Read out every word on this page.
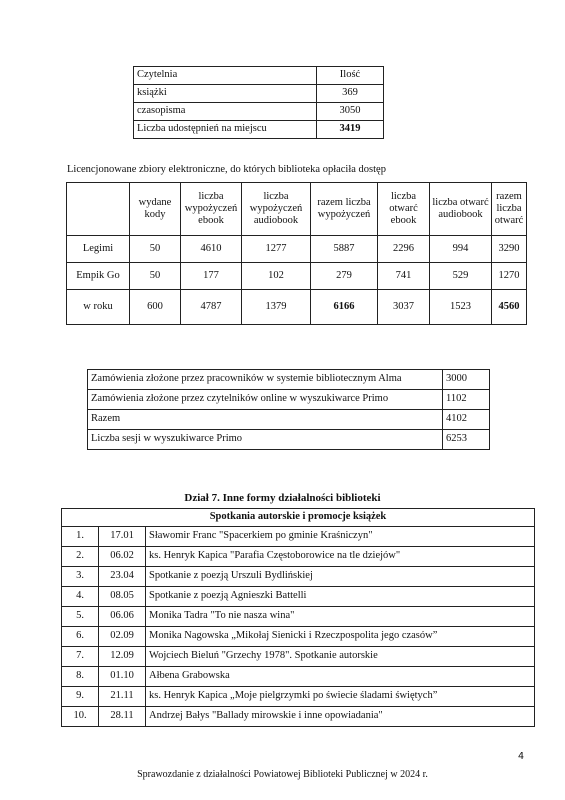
Czytelnia	Ilość
książki	369
czasopisma	3050
Liczba udostępnień na miejscu	3419
Licencjonowane zbiory elektroniczne, do których biblioteka opłaciła dostęp
	wydane kody	liczba wypożyczeń ebook	liczba wypożyczeń audiobook	razem liczba wypożyczeń	liczba otwarć ebook	liczba otwarć audiobook	razem liczba otwarć
Legimi	50	4610	1277	5887	2296	994	3290
Empik Go	50	177	102	279	741	529	1270
w roku	600	4787	1379	6166	3037	1523	4560
Zamówienia złożone przez pracowników w systemie bibliotecznym Alma	3000
Zamówienia złożone przez czytelników online w wyszukiwarce Primo	1102
Razem	4102
Liczba sesji w wyszukiwarce Primo	6253
Dział 7. Inne formy działalności biblioteki
Spotkania autorskie i promocje książek		
1.	17.01	Sławomir Franc "Spacerkiem po gminie Kraśniczyn"
2.	06.02	ks. Henryk Kapica "Parafia Częstoborowice na tle dziejów"
3.	23.04	Spotkanie z poezją Urszuli Bydlińskiej
4.	08.05	Spotkanie z poezją Agnieszki Battelli
5.	06.06	Monika Tadra "To nie nasza wina"
6.	02.09	Monika Nagowska „Mikołaj Sienicki i Rzeczpospolita jego czasów”
7.	12.09	Wojciech Bieluń "Grzechy 1978". Spotkanie autorskie
8.	01.10	Ałbena Grabowska
9.	21.11	ks. Henryk Kapica „Moje pielgrzymki po świecie śladami świętych”
10.	28.11	Andrzej Bałys "Ballady mirowskie i inne opowiadania"
4
Sprawozdanie z działalności Powiatowej Biblioteki Publicznej w 2024 r.
